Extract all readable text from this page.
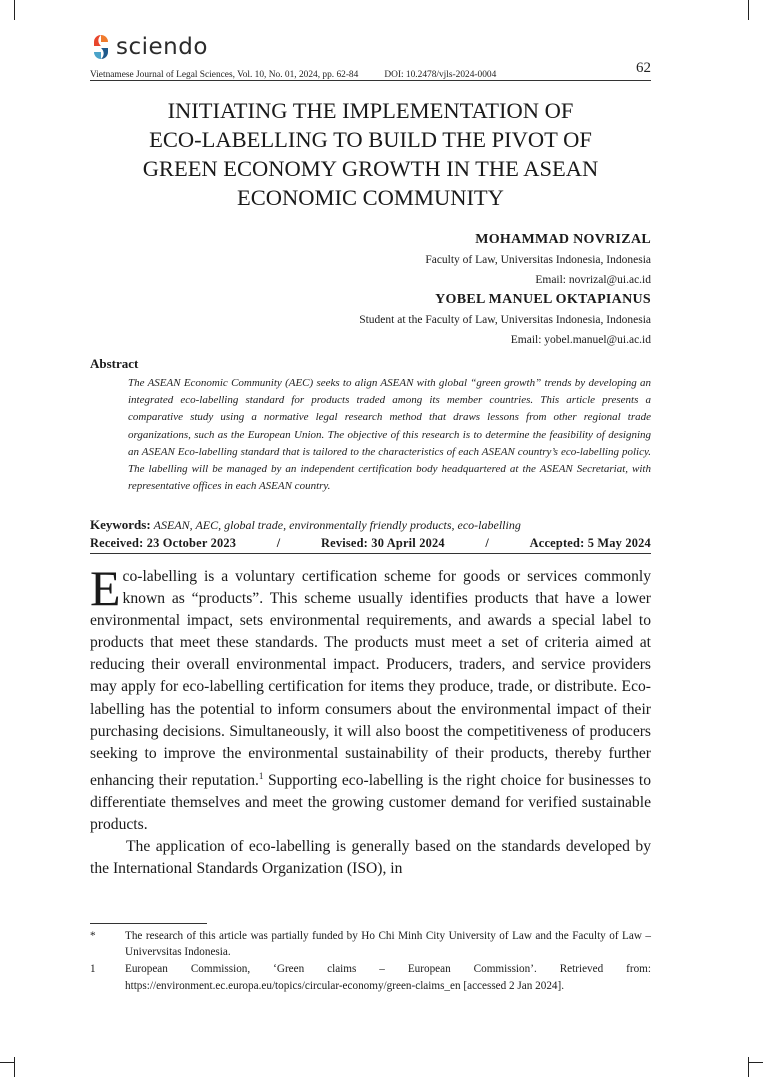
sciendo
Vietnamese Journal of Legal Sciences, Vol. 10, No. 01, 2024, pp. 62-84	DOI: 10.2478/vjls-2024-0004	62
INITIATING THE IMPLEMENTATION OF
ECO-LABELLING TO BUILD THE PIVOT OF
GREEN ECONOMY GROWTH IN THE ASEAN
ECONOMIC COMMUNITY
MOHAMMAD NOVRIZAL
Faculty of Law, Universitas Indonesia, Indonesia
Email: novrizal@ui.ac.id
YOBEL MANUEL OKTAPIANUS
Student at the Faculty of Law, Universitas Indonesia, Indonesia
Email: yobel.manuel@ui.ac.id
Abstract

The ASEAN Economic Community (AEC) seeks to align ASEAN with global “green growth” trends by developing an integrated eco-labelling standard for products traded among its member countries. This article presents a comparative study using a normative legal research method that draws lessons from other regional trade organizations, such as the European Union. The objective of this research is to determine the feasibility of designing an ASEAN Eco-labelling standard that is tailored to the characteristics of each ASEAN country’s eco-labelling policy. The labelling will be managed by an independent certification body headquartered at the ASEAN Secretariat, with representative offices in each ASEAN country.

Keywords: ASEAN, AEC, global trade, environmentally friendly products, eco-labelling
Received: 23 October 2023	/	Revised: 30 April 2024	/	Accepted: 5 May 2024

Eco-labelling is a voluntary certification scheme for goods or services commonly known as “products”. This scheme usually identifies products that have a lower environmental impact, sets environmental requirements, and awards a special label to products that meet these standards. The products must meet a set of criteria aimed at reducing their overall environmental impact. Producers, traders, and service providers may apply for eco-labelling certification for items they produce, trade, or distribute. Eco-labelling has the potential to inform consumers about the environmental impact of their purchasing decisions. Simultaneously, it will also boost the competitiveness of producers seeking to improve the environmental sustainability of their products, thereby further enhancing their reputation.$^1$ Supporting eco-labelling is the right choice for businesses to differentiate themselves and meet the growing customer demand for verified sustainable products.

The application of eco-labelling is generally based on the standards developed by the International Standards Organization (ISO), in

*	The research of this article was partially funded by Ho Chi Minh City University of Law and the Faculty of Law – Univervsitas Indonesia.
1	European Commission, ‘Green claims – European Commission’. Retrieved from: https://environment.ec.europa.eu/topics/circular-economy/green-claims_en [accessed 2 Jan 2024].
